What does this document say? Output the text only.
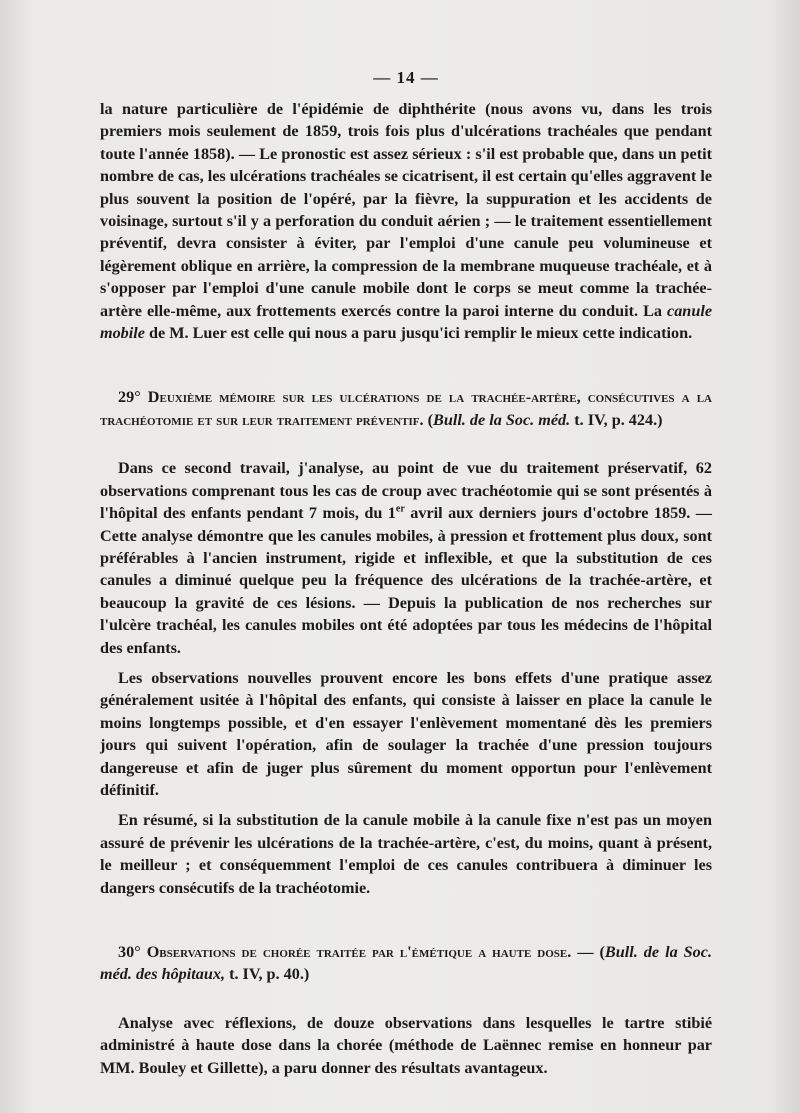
— 14 —

la nature particulière de l'épidémie de diphthérite (nous avons vu, dans les trois premiers mois seulement de 1859, trois fois plus d'ulcérations trachéales que pendant toute l'année 1858). — Le pronostic est assez sérieux : s'il est probable que, dans un petit nombre de cas, les ulcérations trachéales se cicatrisent, il est certain qu'elles aggravent le plus souvent la position de l'opéré, par la fièvre, la suppuration et les accidents de voisinage, surtout s'il y a perforation du conduit aérien ; — le traitement essentiellement préventif, devra consister à éviter, par l'emploi d'une canule peu volumineuse et légèrement oblique en arrière, la compression de la membrane muqueuse trachéale, et à s'opposer par l'emploi d'une canule mobile dont le corps se meut comme la trachée-artère elle-même, aux frottements exercés contre la paroi interne du conduit. La canule mobile de M. Luer est celle qui nous a paru jusqu'ici remplir le mieux cette indication.

29° Deuxième mémoire sur les ulcérations de la trachée-artère, consécutives a la trachéotomie et sur leur traitement préventif. (Bull. de la Soc. méd. t. IV, p. 424.)

Dans ce second travail, j'analyse, au point de vue du traitement préservatif, 62 observations comprenant tous les cas de croup avec trachéotomie qui se sont présentés à l'hôpital des enfants pendant 7 mois, du 1er avril aux derniers jours d'octobre 1859. —Cette analyse démontre que les canules mobiles, à pression et frottement plus doux, sont préférables à l'ancien instrument, rigide et inflexible, et que la substitution de ces canules a diminué quelque peu la fréquence des ulcérations de la trachée-artère, et beaucoup la gravité de ces lésions. — Depuis la publication de nos recherches sur l'ulcère trachéal, les canules mobiles ont été adoptées par tous les médecins de l'hôpital des enfants.

Les observations nouvelles prouvent encore les bons effets d'une pratique assez généralement usitée à l'hôpital des enfants, qui consiste à laisser en place la canule le moins longtemps possible, et d'en essayer l'enlèvement momentané dès les premiers jours qui suivent l'opération, afin de soulager la trachée d'une pression toujours dangereuse et afin de juger plus sûrement du moment opportun pour l'enlèvement définitif.

En résumé, si la substitution de la canule mobile à la canule fixe n'est pas un moyen assuré de prévenir les ulcérations de la trachée-artère, c'est, du moins, quant à présent, le meilleur ; et conséquemment l'emploi de ces canules contribuera à diminuer les dangers consécutifs de la trachéotomie.

30° Observations de chorée traitée par l'émétique a haute dose. — (Bull. de la Soc. méd. des hôpitaux, t. IV, p. 40.)

Analyse avec réflexions, de douze observations dans lesquelles le tartre stibié administré à haute dose dans la chorée (méthode de Laënnec remise en honneur par MM. Bouley et Gillette), a paru donner des résultats avantageux.
